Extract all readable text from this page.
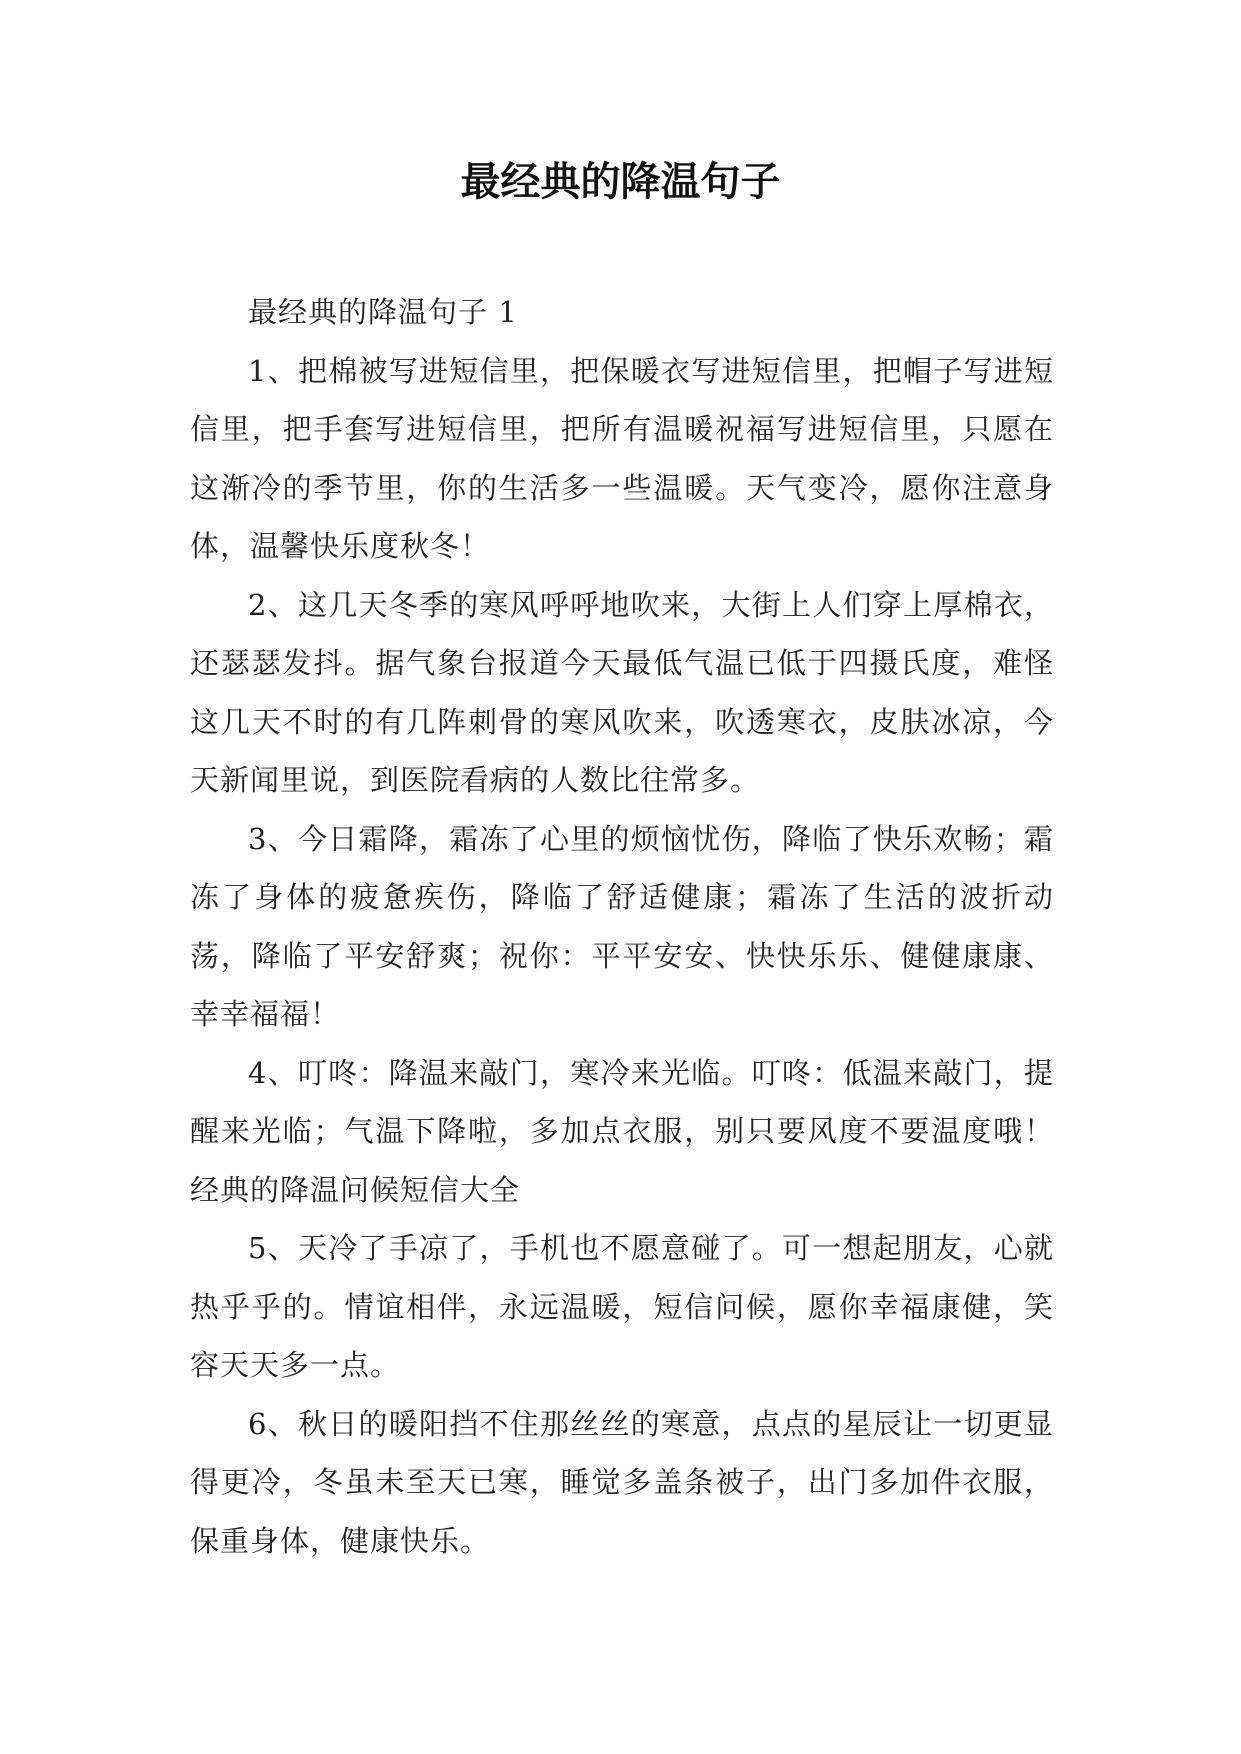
最经典的降温句子

最经典的降温句子 1

1、把棉被写进短信里，把保暖衣写进短信里，把帽子写进短信里，把手套写进短信里，把所有温暖祝福写进短信里，只愿在这渐冷的季节里，你的生活多一些温暖。天气变冷，愿你注意身体，温馨快乐度秋冬！

2、这几天冬季的寒风呼呼地吹来，大街上人们穿上厚棉衣，还瑟瑟发抖。据气象台报道今天最低气温已低于四摄氏度，难怪这几天不时的有几阵刺骨的寒风吹来，吹透寒衣，皮肤冰凉，今天新闻里说，到医院看病的人数比往常多。

3、今日霜降，霜冻了心里的烦恼忧伤，降临了快乐欢畅；霜冻了身体的疲惫疾伤，降临了舒适健康；霜冻了生活的波折动荡，降临了平安舒爽；祝你：平平安安、快快乐乐、健健康康、幸幸福福！

4、叮咚：降温来敲门，寒冷来光临。叮咚：低温来敲门，提醒来光临；气温下降啦，多加点衣服，别只要风度不要温度哦！经典的降温问候短信大全

5、天冷了手凉了，手机也不愿意碰了。可一想起朋友，心就热乎乎的。情谊相伴，永远温暖，短信问候，愿你幸福康健，笑容天天多一点。

6、秋日的暖阳挡不住那丝丝的寒意，点点的星辰让一切更显得更冷，冬虽未至天已寒，睡觉多盖条被子，出门多加件衣服，保重身体，健康快乐。
